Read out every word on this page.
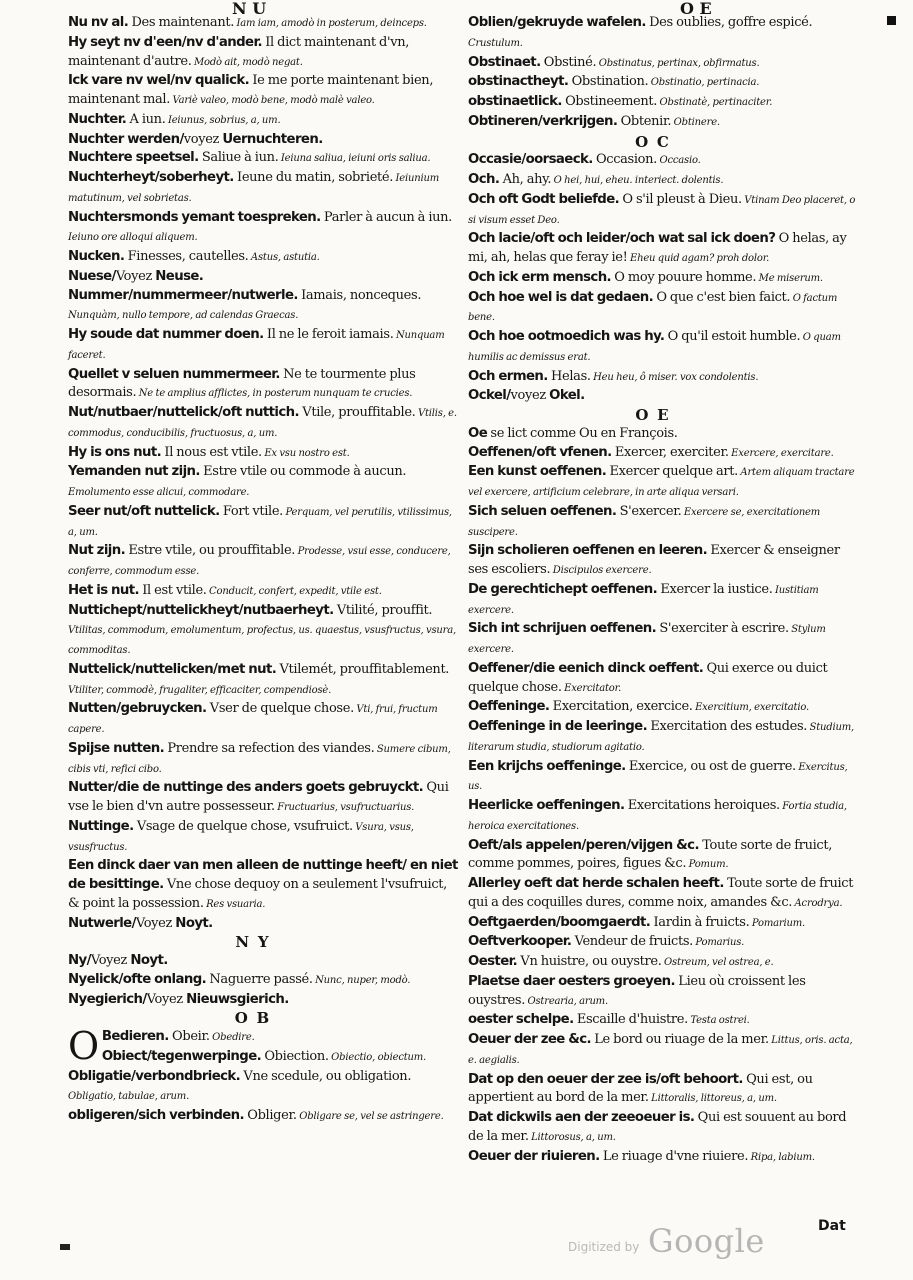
N U	O E
Nu nv al. Des maintenant. Iam iam, amodò in posterum, deinceps.
Hy seyt nv d'een/nv d'ander. Il dict maintenant d'vn, maintenant d'autre. Modò ait, modò negat.
Ick vare nv wel/nv qualick. Ie me porte maintenant bien, maintenant mal. Variè valeo, modò bene, modò malè valeo.
Nuchter. A iun. Ieiunus, sobrius, a, um.
Nuchter werden/voyez Uernuchteren.
Nuchtere speetsel. Saliue à iun. Ieiuna saliua, ieiuni oris saliua.
Nuchterheyt/soberheyt. Ieune du matin, sobrieté. Ieiunium matutinum, vel sobrietas.
Nuchtersmonds yemant toespreken. Parler à aucun à iun. Ieiuno ore alloqui aliquem.
Nucken. Finesses, cautelles. Astus, astutia.
Nuese/Voyez Neuse.
Nummer/nummermeer/nutwerle. Iamais, nonceques. Nunquàm, nullo tempore, ad calendas Graecas.
Hy soude dat nummer doen. Il ne le feroit iamais. Nunquam faceret.
Quellet v seluen nummermeer. Ne te tourmente plus desormais. Ne te amplius afflictes, in posterum nunquam te crucies.
Nut/nutbaer/nuttelick/oft nuttich. Vtile, prouffitable. Vtilis, e. commodus, conducibilis, fructuosus, a, um.
Hy is ons nut. Il nous est vtile. Ex vsu nostro est.
Yemanden nut zijn. Estre vtile ou commode à aucun. Emolumento esse alicui, commodare.
Seer nut/oft nuttelick. Fort vtile. Perquam, vel perutilis, vtilissimus, a, um.
Nut zijn. Estre vtile, ou prouffitable. Prodesse, vsui esse, conducere, conferre, commodum esse.
Het is nut. Il est vtile. Conducit, confert, expedit, vtile est.
Nuttichept/nuttelickheyt/nutbaerheyt. Vtilité, prouffit. Vtilitas, commodum, emolumentum, profectus, us. quaestus, vsusfructus, vsura, commoditas.
Nuttelick/nuttelicken/met nut. Vtilemét, prouffitablement. Vtiliter, commodè, frugaliter, efficaciter, compendiosè.
Nutten/gebruycken. Vser de quelque chose. Vti, frui, fructum capere.
Spijse nutten. Prendre sa refection des viandes. Sumere cibum, cibis vti, refici cibo.
Nutter/die de nuttinge des anders goets gebruyckt. Qui vse le bien d'vn autre possesseur. Fructuarius, vsufructuarius.
Nuttinge. Vsage de quelque chose, vsufruict. Vsura, vsus, vsusfructus.
Een dinck daer van men alleen de nuttinge heeft/ en niet de besittinge. Vne chose dequoy on a seulement l'vsufruict, & point la possession. Res vsuaria.
Nutwerle/Voyez Noyt.
N Y
Ny/Voyez Noyt.
Nyelick/ofte onlang. Naguerre passé. Nunc, nuper, modò.
Nyegierich/Voyez Nieuwsgierich.
O B
O Bedieren. Obeir. Obedire.
Obiect/tegenwerpinge. Obiection. Obiectio, obiectum.
Obligatie/verbondbrieck. Vne scedule, ou obligation. Obligatio, tabulae, arum.
obligeren/sich verbinden. Obliger. Obligare se, vel se astringere.
Oblien/gekruyde wafelen. Des oublies, goffre espicé. Crustulum.
Obstinaet. Obstiné. Obstinatus, pertinax, obfirmatus.
obstinactheyt. Obstination. Obstinatio, pertinacia.
obstinaetlick. Obstineement. Obstinatè, pertinaciter.
Obtineren/verkrijgen. Obtenir. Obtinere.
O C
Occasie/oorsaeck. Occasion. Occasio.
Och. Ah, ahy. O hei, hui, eheu. interiect. dolentis.
Och oft Godt beliefde. O s'il pleust à Dieu. Vtinam Deo placeret, o si visum esset Deo.
Och lacie/oft och leider/och wat sal ick doen? O helas, ay mi, ah, helas que feray ie! Eheu quid agam? proh dolor.
Och ick erm mensch. O moy pouure homme. Me miserum.
Och hoe wel is dat gedaen. O que c'est bien faict. O factum bene.
Och hoe ootmoedich was hy. O qu'il estoit humble. O quam humilis ac demissus erat.
Och ermen. Helas. Heu heu, ô miser. vox condolentis.
Ockel/voyez Okel.
O E
Oe se lict comme Ou en François.
Oeffenen/oft vfenen. Exercer, exerciter. Exercere, exercitare.
Een kunst oeffenen. Exercer quelque art. Artem aliquam tractare vel exercere, artificium celebrare, in arte aliqua versari.
Sich seluen oeffenen. S'exercer. Exercere se, exercitationem suscipere.
Sijn scholieren oeffenen en leeren. Exercer & enseigner ses escoliers. Discipulos exercere.
De gerechtichept oeffenen. Exercer la iustice. Iustitiam exercere.
Sich int schrijuen oeffenen. S'exerciter à escrire. Stylum exercere.
Oeffener/die eenich dinck oeffent. Qui exerce ou duict quelque chose. Exercitator.
Oeffeninge. Exercitation, exercice. Exercitium, exercitatio.
Oeffeninge in de leeringe. Exercitation des estudes. Studium, literarum studia, studiorum agitatio.
Een krijchs oeffeninge. Exercice, ou ost de guerre. Exercitus, us.
Heerlicke oeffeningen. Exercitations heroiques. Fortia studia, heroica exercitationes.
Oeft/als appelen/peren/vijgen &c. Toute sorte de fruict, comme pommes, poires, figues &c. Pomum.
Allerley oeft dat herde schalen heeft. Toute sorte de fruict qui a des coquilles dures, comme noix, amandes &c. Acrodrya.
Oeftgaerden/boomgaerdt. Iardin à fruicts. Pomarium.
Oeftverkooper. Vendeur de fruicts. Pomarius.
Oester. Vn huistre, ou ouystre. Ostreum, vel ostrea, e.
Plaetse daer oesters groeyen. Lieu où croissent les ouystres. Ostrearia, arum.
oester schelpe. Escaille d'huistre. Testa ostrei.
Oeuer der zee &c. Le bord ou riuage de la mer. Littus, oris. acta, e. aegialis.
Dat op den oeuer der zee is/oft behoort. Qui est, ou appertient au bord de la mer. Littoralis, littoreus, a, um.
Dat dickwils aen der zeeoeuer is. Qui est souuent au bord de la mer. Littorosus, a, um.
Oeuer der riuieren. Le riuage d'vne riuiere. Ripa, labium.
Digitized by Google	Dat
